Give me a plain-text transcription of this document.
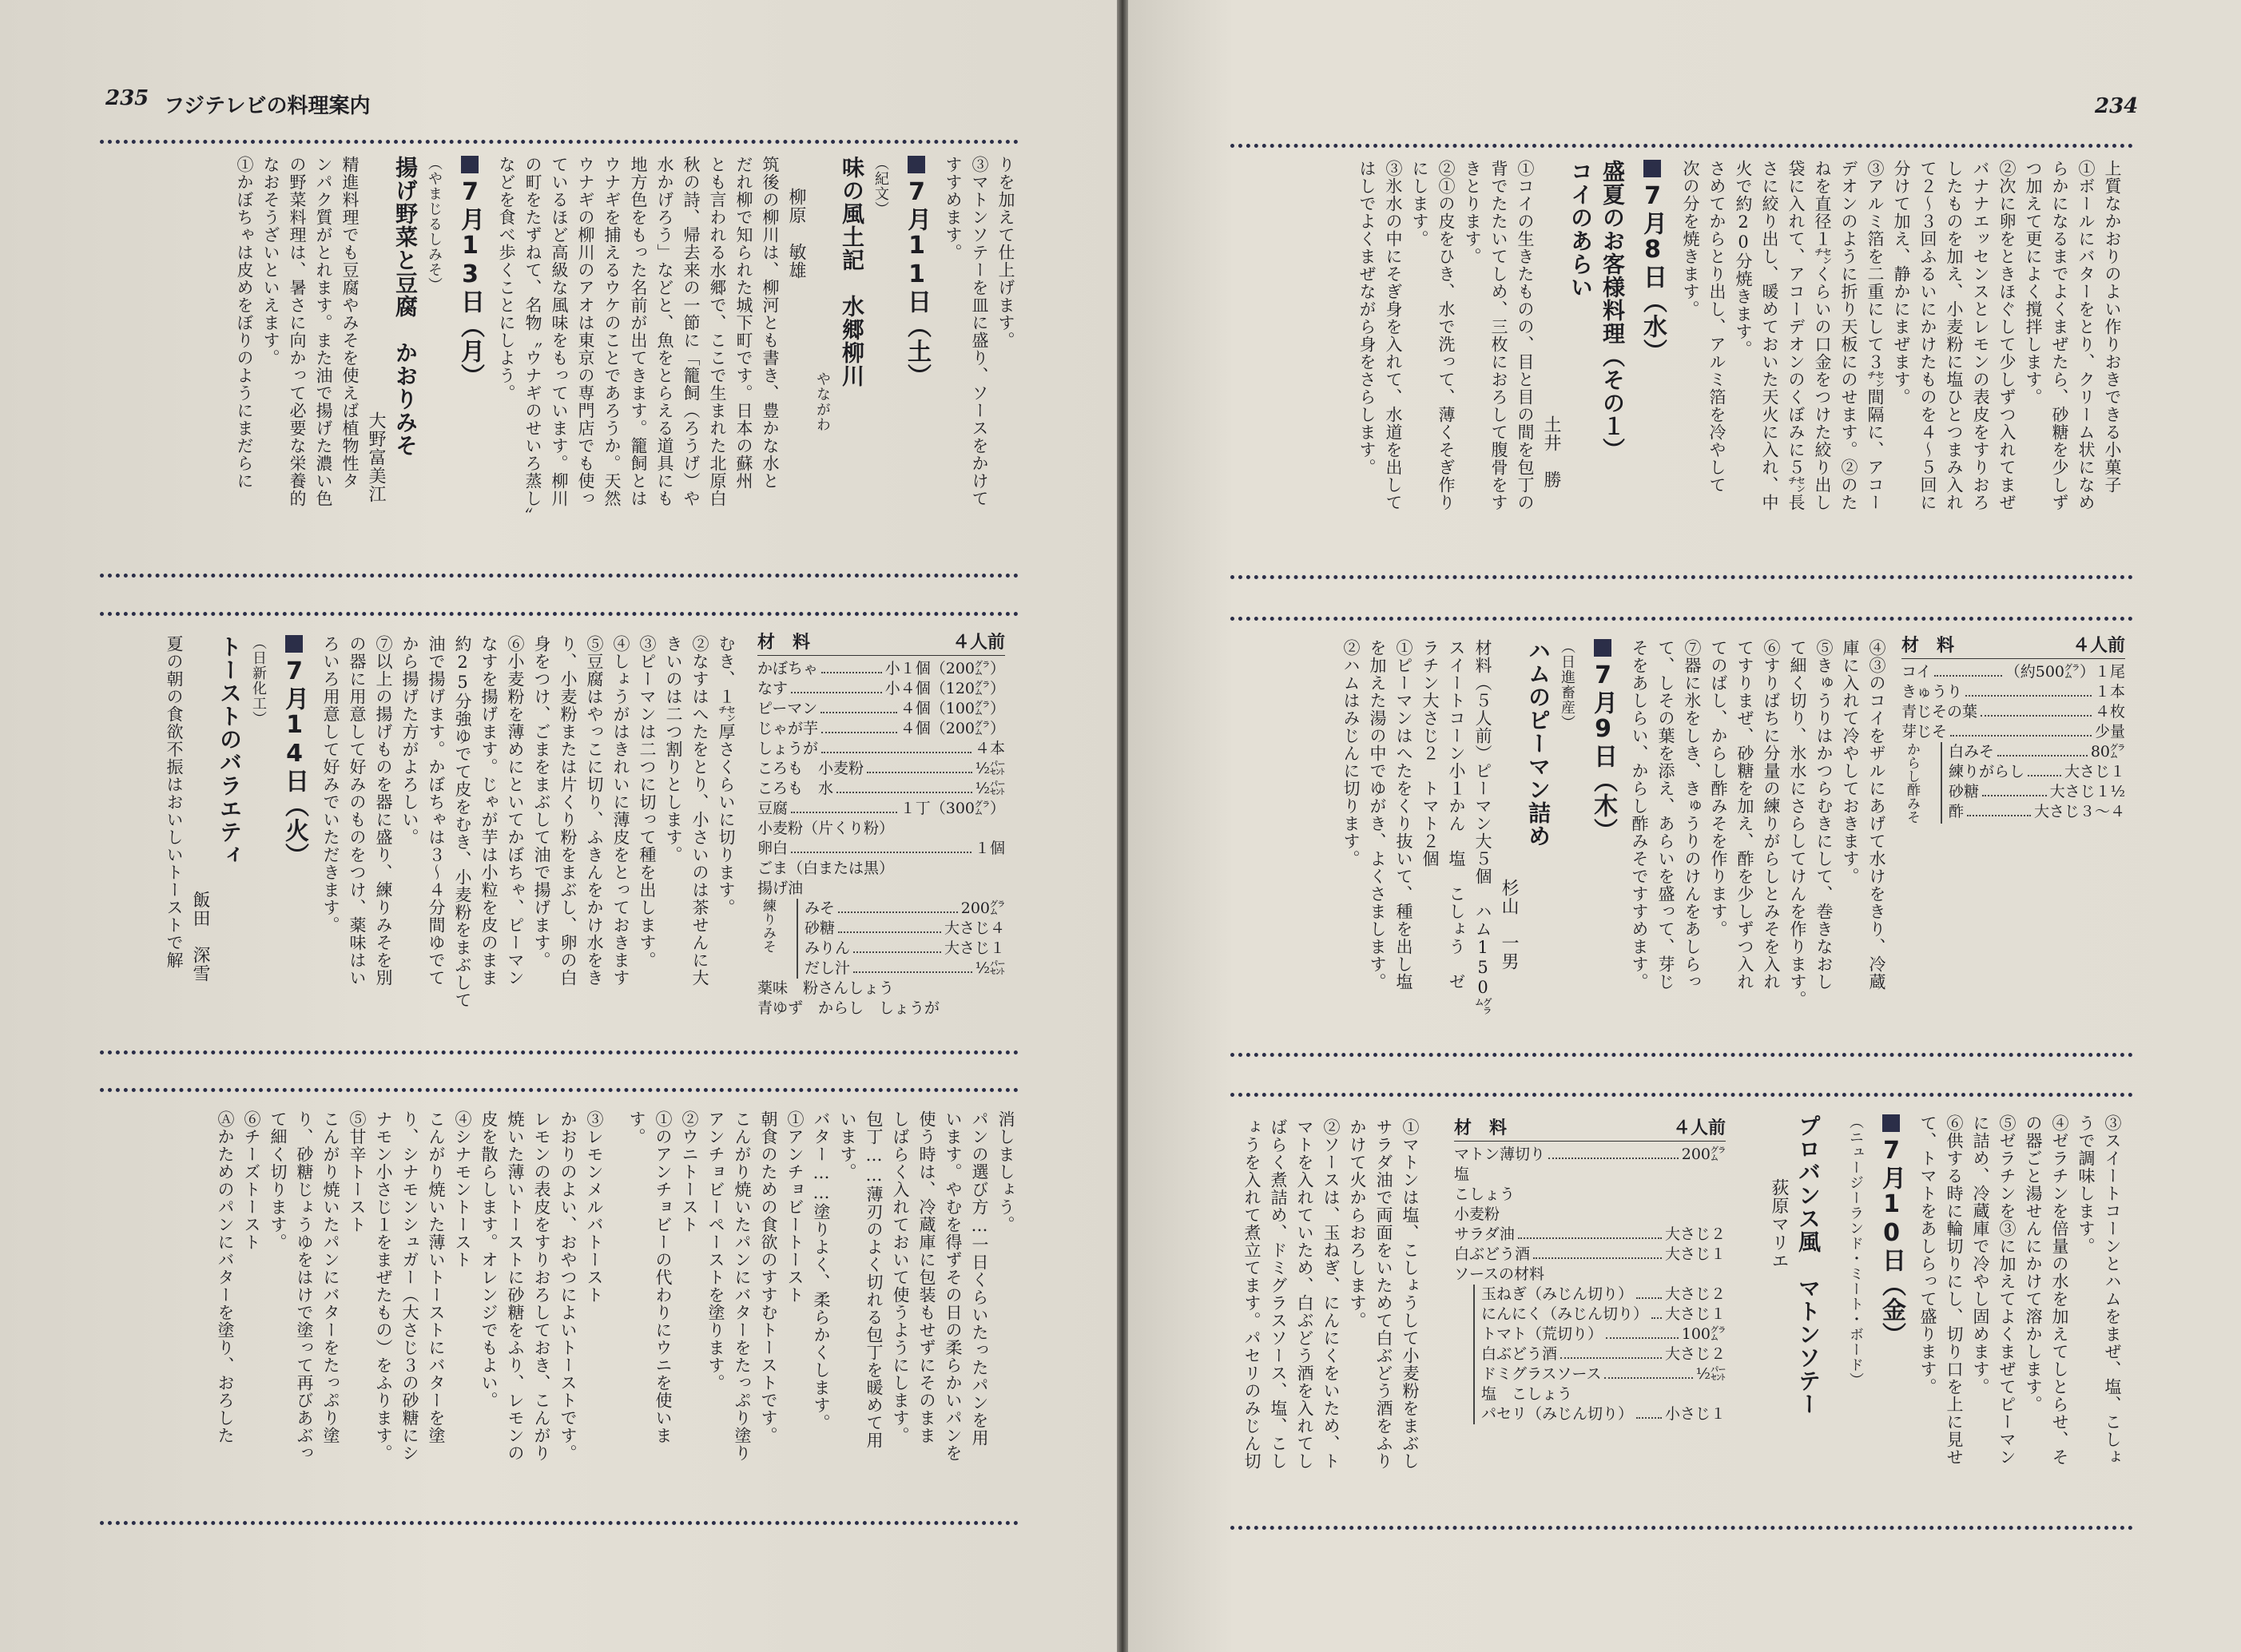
235 フジテレビの料理案内	234

上質なかおりのよい作りおきできる小菓子

①ボールにバターをとり、クリーム状になめ

らかになるまでよくまぜたら、砂糖を少しず

つ加えて更によく撹拌します。

②次に卵をときほぐして少しずつ入れてまぜ

バナナエッセンスとレモンの表皮をすりおろ

したものを加え、小麦粉に塩ひとつまみ入れ

て２～３回ふるいにかけたものを４～５回に

分けて加え、静かにまぜます。

③アルミ箔を二重にして３㌢間隔に、アコー

デオンのように折り天板にのせます。②のた

ねを直径１㌢くらいの口金をつけた絞り出し

袋に入れて、アコーデオンのくぼみに５㌢長

さに絞り出し、暖めておいた天火に入れ、中

火で約20分焼きます。

さめてからとり出し、アルミ箔を冷やして

次の分を焼きます。

7月8日（水）

盛夏のお客様料理（その１）

コイのあらい

土井　勝

①コイの生きたものの、目と目の間を包丁の

背でたたいてしめ、三枚におろして腹骨をす

きとります。

②①の皮をひき、水で洗って、薄くそぎ作り

にします。

③氷水の中にそぎ身を入れて、水道を出して

はしでよくまぜながら身をさらします。

材　料	４人前
コイ	（約500㌘）１尾
きゅうり	１本
青じその葉	４枚
芽じそ	少量
からし酢みそ 白みそ	80㌘
練りがらし	大さじ１
砂糖	大さじ１½
酢	大さじ３～４

④③のコイをザルにあげて水けをきり、冷蔵

庫に入れて冷やしておきます。

⑤きゅうりはかつらむきにして、巻きなおし

て細く切り、氷水にさらしてけんを作ります。

⑥すりばちに分量の練りがらしとみそを入れ

てすりまぜ、砂糖を加え、酢を少しずつ入れ

てのばし、からし酢みそを作ります。

⑦器に氷をしき、きゅうりのけんをあしらっ

て、しその葉を添え、あらいを盛って、芽じ

そをあしらい、からし酢みそですすめます。

7月9日（木）

（日進畜産）

ハムのピーマン詰め

杉山　一男

材料（５人前）ピーマン大５個　ハム150㌘

スイートコーン小１かん　塩　こしょう　ゼ

ラチン大さじ２　トマト２個

①ピーマンはへたをくり抜いて、種を出し塩

を加えた湯の中でゆがき、よくさまします。

②ハムはみじんに切ります。

③スイートコーンとハムをまぜ、塩、こしょ

うで調味します。

④ゼラチンを倍量の水を加えてしとらせ、そ

の器ごと湯せんにかけて溶かします。

⑤ゼラチンを③に加えてよくまぜてピーマン

に詰め、冷蔵庫で冷やし固めます。

⑥供する時に輪切りにし、切り口を上に見せ

て、トマトをあしらって盛ります。

7月10日（金）

（ニュージーランド・ミート・ボード）

プロバンス風　マトンソテー

荻原マリエ

材　料	４人前
マトン薄切り	200㌘
塩
こしょう
小麦粉
サラダ油	大さじ２
白ぶどう酒	大さじ１
ソースの材料
玉ねぎ（みじん切り） 大さじ２
にんにく（みじん切り） 大さじ１
トマト（荒切り）	100㌘
白ぶどう酒	大さじ２
ドミグラスソース	½㌫
塩　こしょう
パセリ（みじん切り） 小さじ１

①マトンは塩、こしょうして小麦粉をまぶし

サラダ油で両面をいためて白ぶどう酒をふり

かけて火からおろします。

②ソースは、玉ねぎ、にんにくをいため、ト

マトを入れていため、白ぶどう酒を入れてし

ばらく煮詰め、ドミグラスソース、塩、こし

ょうを入れて煮立てます。パセリのみじん切

りを加えて仕上げます。

③マトンソテーを皿に盛り、ソースをかけて

すすめます。

7月11日（土）

（紀文）

味の風土記　水郷柳川

やながわ

柳原　敏雄

筑後の柳川は、柳河とも書き、豊かな水と

だれ柳で知られた城下町です。日本の蘇州

とも言われる水郷で、ここで生まれた北原白

秋の詩、帰去来の一節に「籠飼（ろうげ）や

水かげろう」などと、魚をとらえる道具にも

地方色をもった名前が出てきます。籠飼とは

ウナギを捕えるウケのことであろうか。天然

ウナギの柳川のアオは東京の専門店でも使っ

ているほど高級な風味をもっています。柳川

の町をたずねて、名物〝ウナギのせいろ蒸し〟

などを食べ歩くことにしよう。

7月13日（月）

（やまじるしみそ）

揚げ野菜と豆腐　かおりみそ

大野富美江

精進料理でも豆腐やみそを使えば植物性タ

ンパク質がとれます。また油で揚げた濃い色

の野菜料理は、暑さに向かって必要な栄養的

なおそうざいといえます。

①かぼちゃは皮めをぼりのようにまだらに

材　料	４人前
かぼちゃ	小１個（200㌘）
なす	小４個（120㌘）
ピーマン	４個（100㌘）
じゃが芋	４個（200㌘）
しょうが	４本
ころも　小麦粉	½㌫
ころも　水	½㌫
豆腐	１丁（300㌘）
小麦粉（片くり粉）
卵白	１個
ごま（白または黒）
揚げ油
練りみそ みそ	200㌘
砂糖	大さじ４
みりん	大さじ１
だし汁	½㌫
薬味　粉さんしょう
青ゆず　からし　しょうが

むき、１㌢厚さくらいに切ります。

②なすはへたをとり、小さいのは茶せんに大

きいのは二つ割りとします。

③ピーマンは二つに切って種を出します。

④しょうがはきれいに薄皮をとっておきます

⑤豆腐はやっこに切り、ふきんをかけ水をき

り、小麦粉または片くり粉をまぶし、卵の白

身をつけ、ごまをまぶして油で揚げます。

⑥小麦粉を薄めにといてかぼちゃ、ピーマン

なすを揚げます。じゃが芋は小粒を皮のまま

約25分強ゆでて皮をむき、小麦粉をまぶして

油で揚げます。かぼちゃは３～４分間ゆでて

から揚げた方がよろしい。

⑦以上の揚げものを器に盛り、練りみそを別

の器に用意して好みのものをつけ、薬味はい

ろいろ用意して好みでいただきます。

7月14日（火）

（日新化工）

トーストのバラエティ

飯田　深雪

夏の朝の食欲不振はおいしいトーストで解

消しましょう。

パンの選び方…一日くらいたったパンを用

います。やむを得ずその日の柔らかいパンを

使う時は、冷蔵庫に包装もせずにそのまま

しばらく入れておいて使うようにします。

包丁……薄刃のよく切れる包丁を暖めて用

います。

バター……塗りよく、柔らかくします。

①アンチョビートースト

朝食のための食欲のすすむトーストです。

こんがり焼いたパンにバターをたっぷり塗り

アンチョビーペーストを塗ります。

②ウニトースト

①のアンチョビーの代わりにウニを使いま

す。

③レモンメルバトースト

かおりのよい、おやつによいトーストです。

レモンの表皮をすりおろしておき、こんがり

焼いた薄いトーストに砂糖をふり、レモンの

皮を散らします。オレンジでもよい。

④シナモントースト

こんがり焼いた薄いトーストにバターを塗

り、シナモンシュガー（大さじ３の砂糖にシ

ナモン小さじ１をまぜたもの）をふります。

⑤甘辛トースト

こんがり焼いたパンにバターをたっぷり塗

り、砂糖じょうゆをはけで塗って再びあぶっ

て細く切ります。

⑥チーズトースト

Ⓐかためのパンにバターを塗り、おろした
